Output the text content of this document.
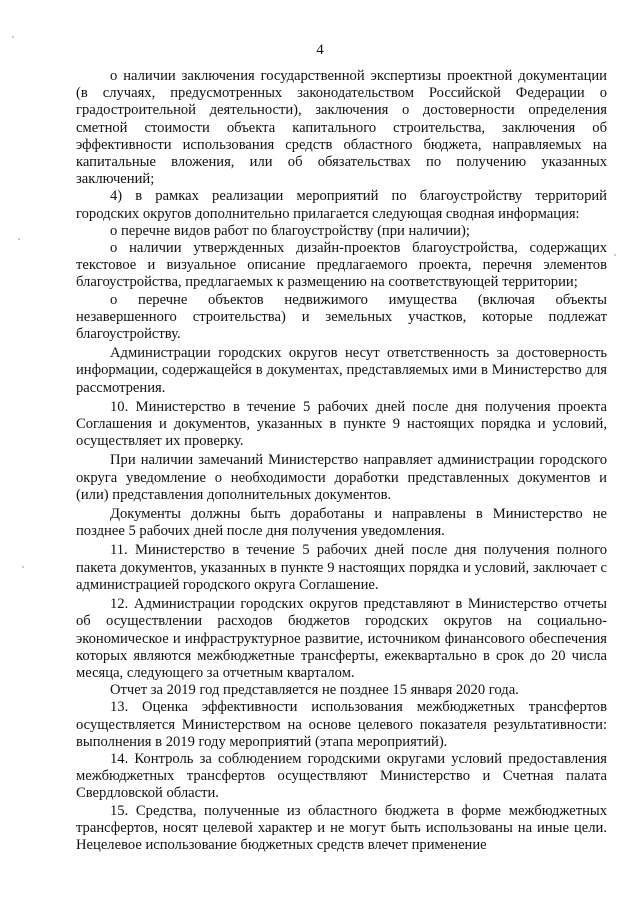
4

о наличии заключения государственной экспертизы проектной документации (в случаях, предусмотренных законодательством Российской Федерации о градостроительной деятельности), заключения о достоверности определения сметной стоимости объекта капитального строительства, заключения об эффективности использования средств областного бюджета, направляемых на капитальные вложения, или об обязательствах по получению указанных заключений;

4) в рамках реализации мероприятий по благоустройству территорий городских округов дополнительно прилагается следующая сводная информация:

о перечне видов работ по благоустройству (при наличии);

о наличии утвержденных дизайн-проектов благоустройства, содержащих текстовое и визуальное описание предлагаемого проекта, перечня элементов благоустройства, предлагаемых к размещению на соответствующей территории;

о перечне объектов недвижимого имущества (включая объекты незавершенного строительства) и земельных участков, которые подлежат благоустройству.

Администрации городских округов несут ответственность за достоверность информации, содержащейся в документах, представляемых ими в Министерство для рассмотрения.

10. Министерство в течение 5 рабочих дней после дня получения проекта Соглашения и документов, указанных в пункте 9 настоящих порядка и условий, осуществляет их проверку.

При наличии замечаний Министерство направляет администрации городского округа уведомление о необходимости доработки представленных документов и (или) представления дополнительных документов.

Документы должны быть доработаны и направлены в Министерство не позднее 5 рабочих дней после дня получения уведомления.

11. Министерство в течение 5 рабочих дней после дня получения полного пакета документов, указанных в пункте 9 настоящих порядка и условий, заключает с администрацией городского округа Соглашение.

12. Администрации городских округов представляют в Министерство отчеты об осуществлении расходов бюджетов городских округов на социально-экономическое и инфраструктурное развитие, источником финансового обеспечения которых являются межбюджетные трансферты, ежеквартально в срок до 20 числа месяца, следующего за отчетным кварталом.

Отчет за 2019 год представляется не позднее 15 января 2020 года.

13. Оценка эффективности использования межбюджетных трансфертов осуществляется Министерством на основе целевого показателя результативности: выполнения в 2019 году мероприятий (этапа мероприятий).

14. Контроль за соблюдением городскими округами условий предоставления межбюджетных трансфертов осуществляют Министерство и Счетная палата Свердловской области.

15. Средства, полученные из областного бюджета в форме межбюджетных трансфертов, носят целевой характер и не могут быть использованы на иные цели. Нецелевое использование бюджетных средств влечет применение
